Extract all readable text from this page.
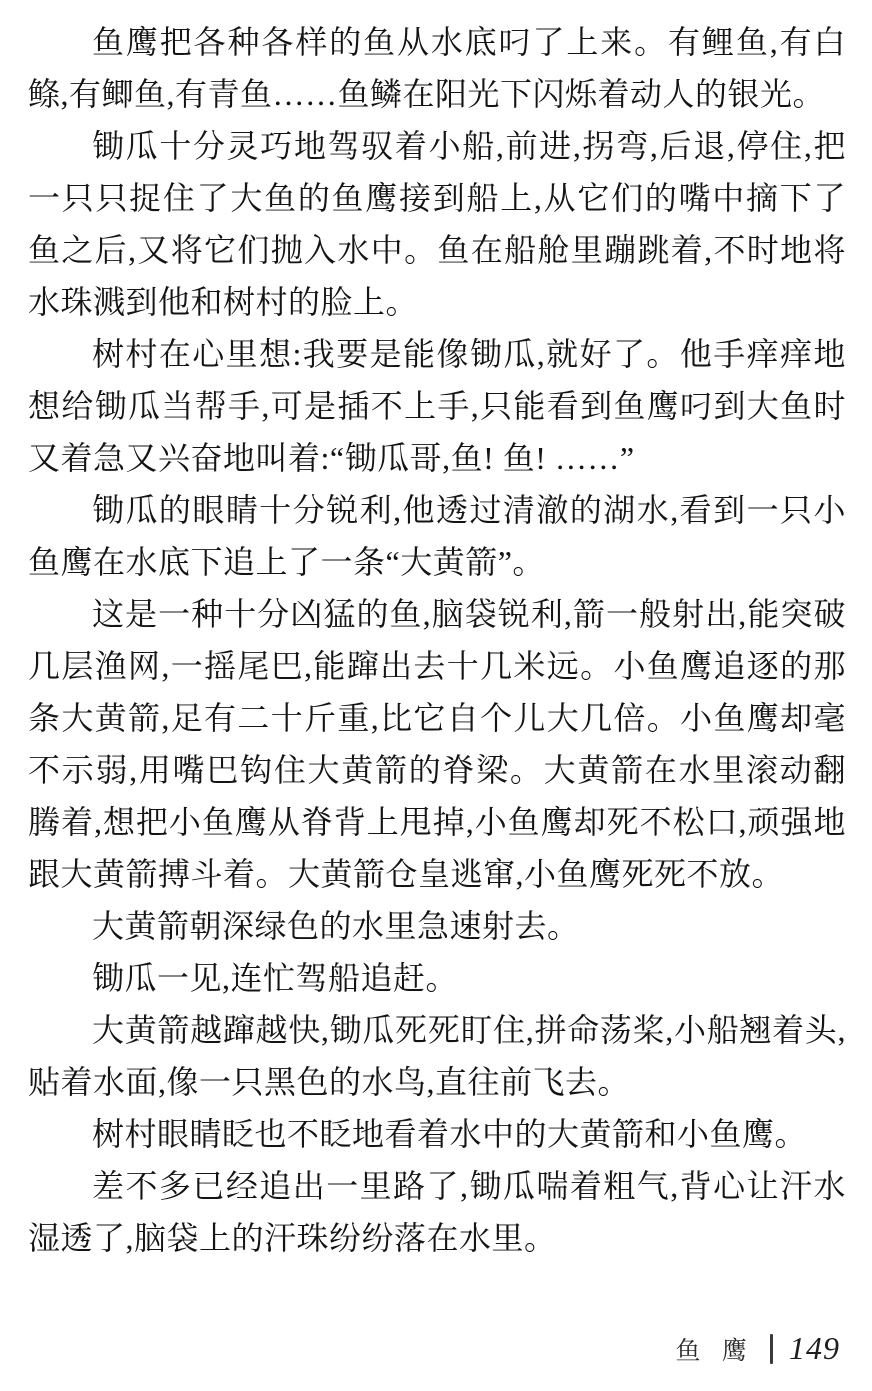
鱼鹰把各种各样的鱼从水底叼了上来。有鲤鱼,有白鲦,有鲫鱼,有青鱼……鱼鳞在阳光下闪烁着动人的银光。

锄瓜十分灵巧地驾驭着小船,前进,拐弯,后退,停住,把一只只捉住了大鱼的鱼鹰接到船上,从它们的嘴中摘下了鱼之后,又将它们抛入水中。鱼在船舱里蹦跳着,不时地将水珠溅到他和树村的脸上。

树村在心里想:我要是能像锄瓜,就好了。他手痒痒地想给锄瓜当帮手,可是插不上手,只能看到鱼鹰叼到大鱼时又着急又兴奋地叫着:“锄瓜哥,鱼! 鱼! ……”

锄瓜的眼睛十分锐利,他透过清澈的湖水,看到一只小鱼鹰在水底下追上了一条“大黄箭”。

这是一种十分凶猛的鱼,脑袋锐利,箭一般射出,能突破几层渔网,一摇尾巴,能蹿出去十几米远。小鱼鹰追逐的那条大黄箭,足有二十斤重,比它自个儿大几倍。小鱼鹰却毫不示弱,用嘴巴钩住大黄箭的脊梁。大黄箭在水里滚动翻腾着,想把小鱼鹰从脊背上甩掉,小鱼鹰却死不松口,顽强地跟大黄箭搏斗着。大黄箭仓皇逃窜,小鱼鹰死死不放。

大黄箭朝深绿色的水里急速射去。

锄瓜一见,连忙驾船追赶。

大黄箭越蹿越快,锄瓜死死盯住,拼命荡桨,小船翘着头,贴着水面,像一只黑色的水鸟,直往前飞去。

树村眼睛眨也不眨地看着水中的大黄箭和小鱼鹰。

差不多已经追出一里路了,锄瓜喘着粗气,背心让汗水湿透了,脑袋上的汗珠纷纷落在水里。

鱼鹰 149
